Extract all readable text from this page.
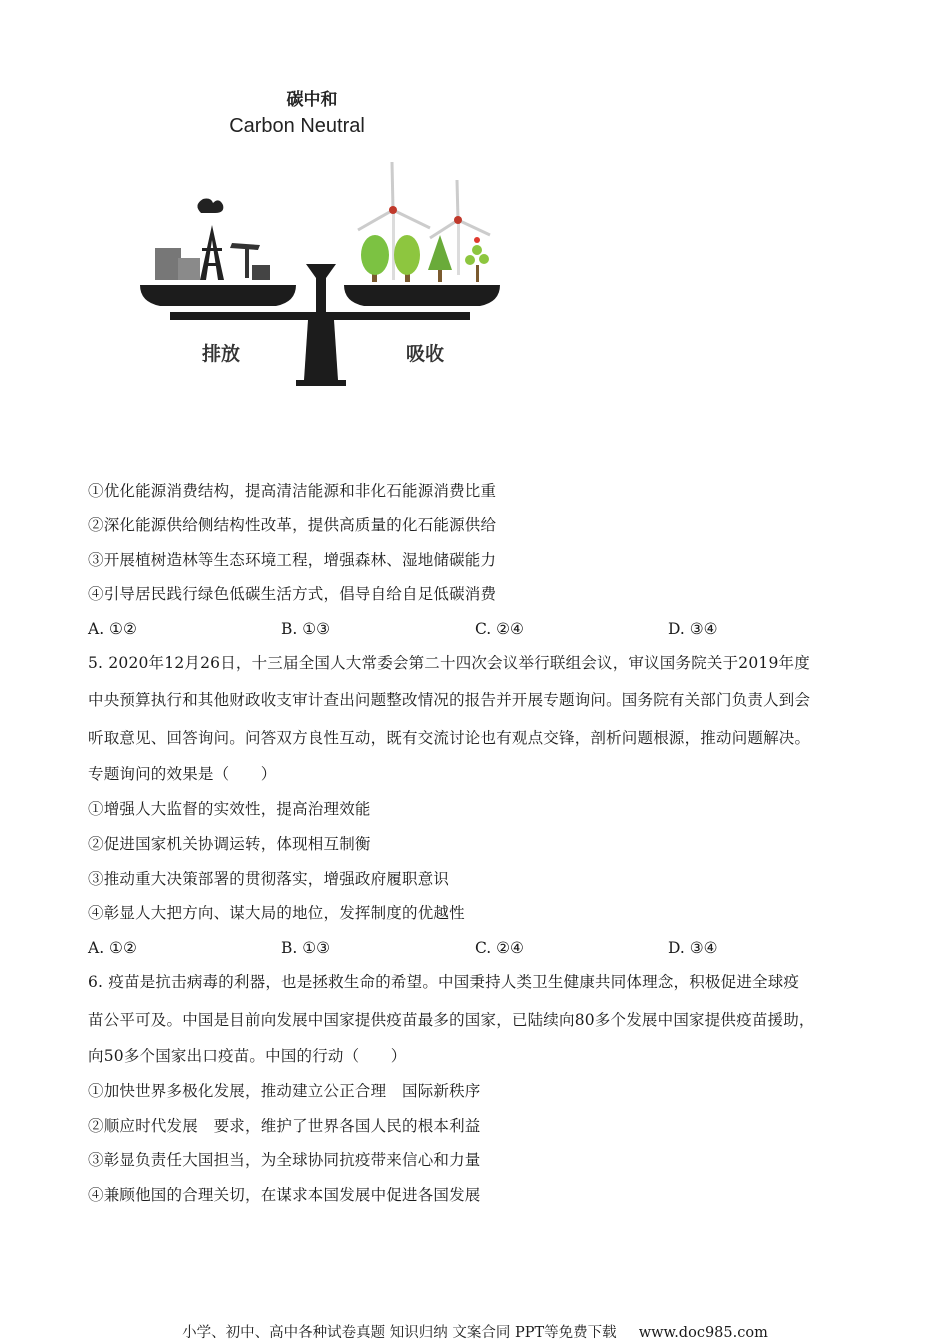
碳中和
Carbon Neutral
排放	吸收
①优化能源消费结构，提高清洁能源和非化石能源消费比重
②深化能源供给侧结构性改革，提供高质量的化石能源供给
③开展植树造林等生态环境工程，增强森林、湿地储碳能力
④引导居民践行绿色低碳生活方式，倡导自给自足低碳消费
A. ①②	B. ①③	C. ②④	D. ③④
5. 2020年12月26日，十三届全国人大常委会第二十四次会议举行联组会议，审议国务院关于2019年度
中央预算执行和其他财政收支审计查出问题整改情况的报告并开展专题询问。国务院有关部门负责人到会
听取意见、回答询问。问答双方良性互动，既有交流讨论也有观点交锋，剖析问题根源，推动问题解决。
专题询问的效果是（　　）
①增强人大监督的实效性，提高治理效能
②促进国家机关协调运转，体现相互制衡
③推动重大决策部署的贯彻落实，增强政府履职意识
④彰显人大把方向、谋大局的地位，发挥制度的优越性
A. ①②	B. ①③	C. ②④	D. ③④
6. 疫苗是抗击病毒的利器，也是拯救生命的希望。中国秉持人类卫生健康共同体理念，积极促进全球疫
苗公平可及。中国是目前向发展中国家提供疫苗最多的国家，已陆续向80多个发展中国家提供疫苗援助，
向50多个国家出口疫苗。中国的行动（　　）
①加快世界多极化发展，推动建立公正合理　国际新秩序
②顺应时代发展　要求，维护了世界各国人民的根本利益
③彰显负责任大国担当，为全球协同抗疫带来信心和力量
④兼顾他国的合理关切，在谋求本国发展中促进各国发展
小学、初中、高中各种试卷真题 知识归纳 文案合同 PPT等免费下载 www.doc985.com
